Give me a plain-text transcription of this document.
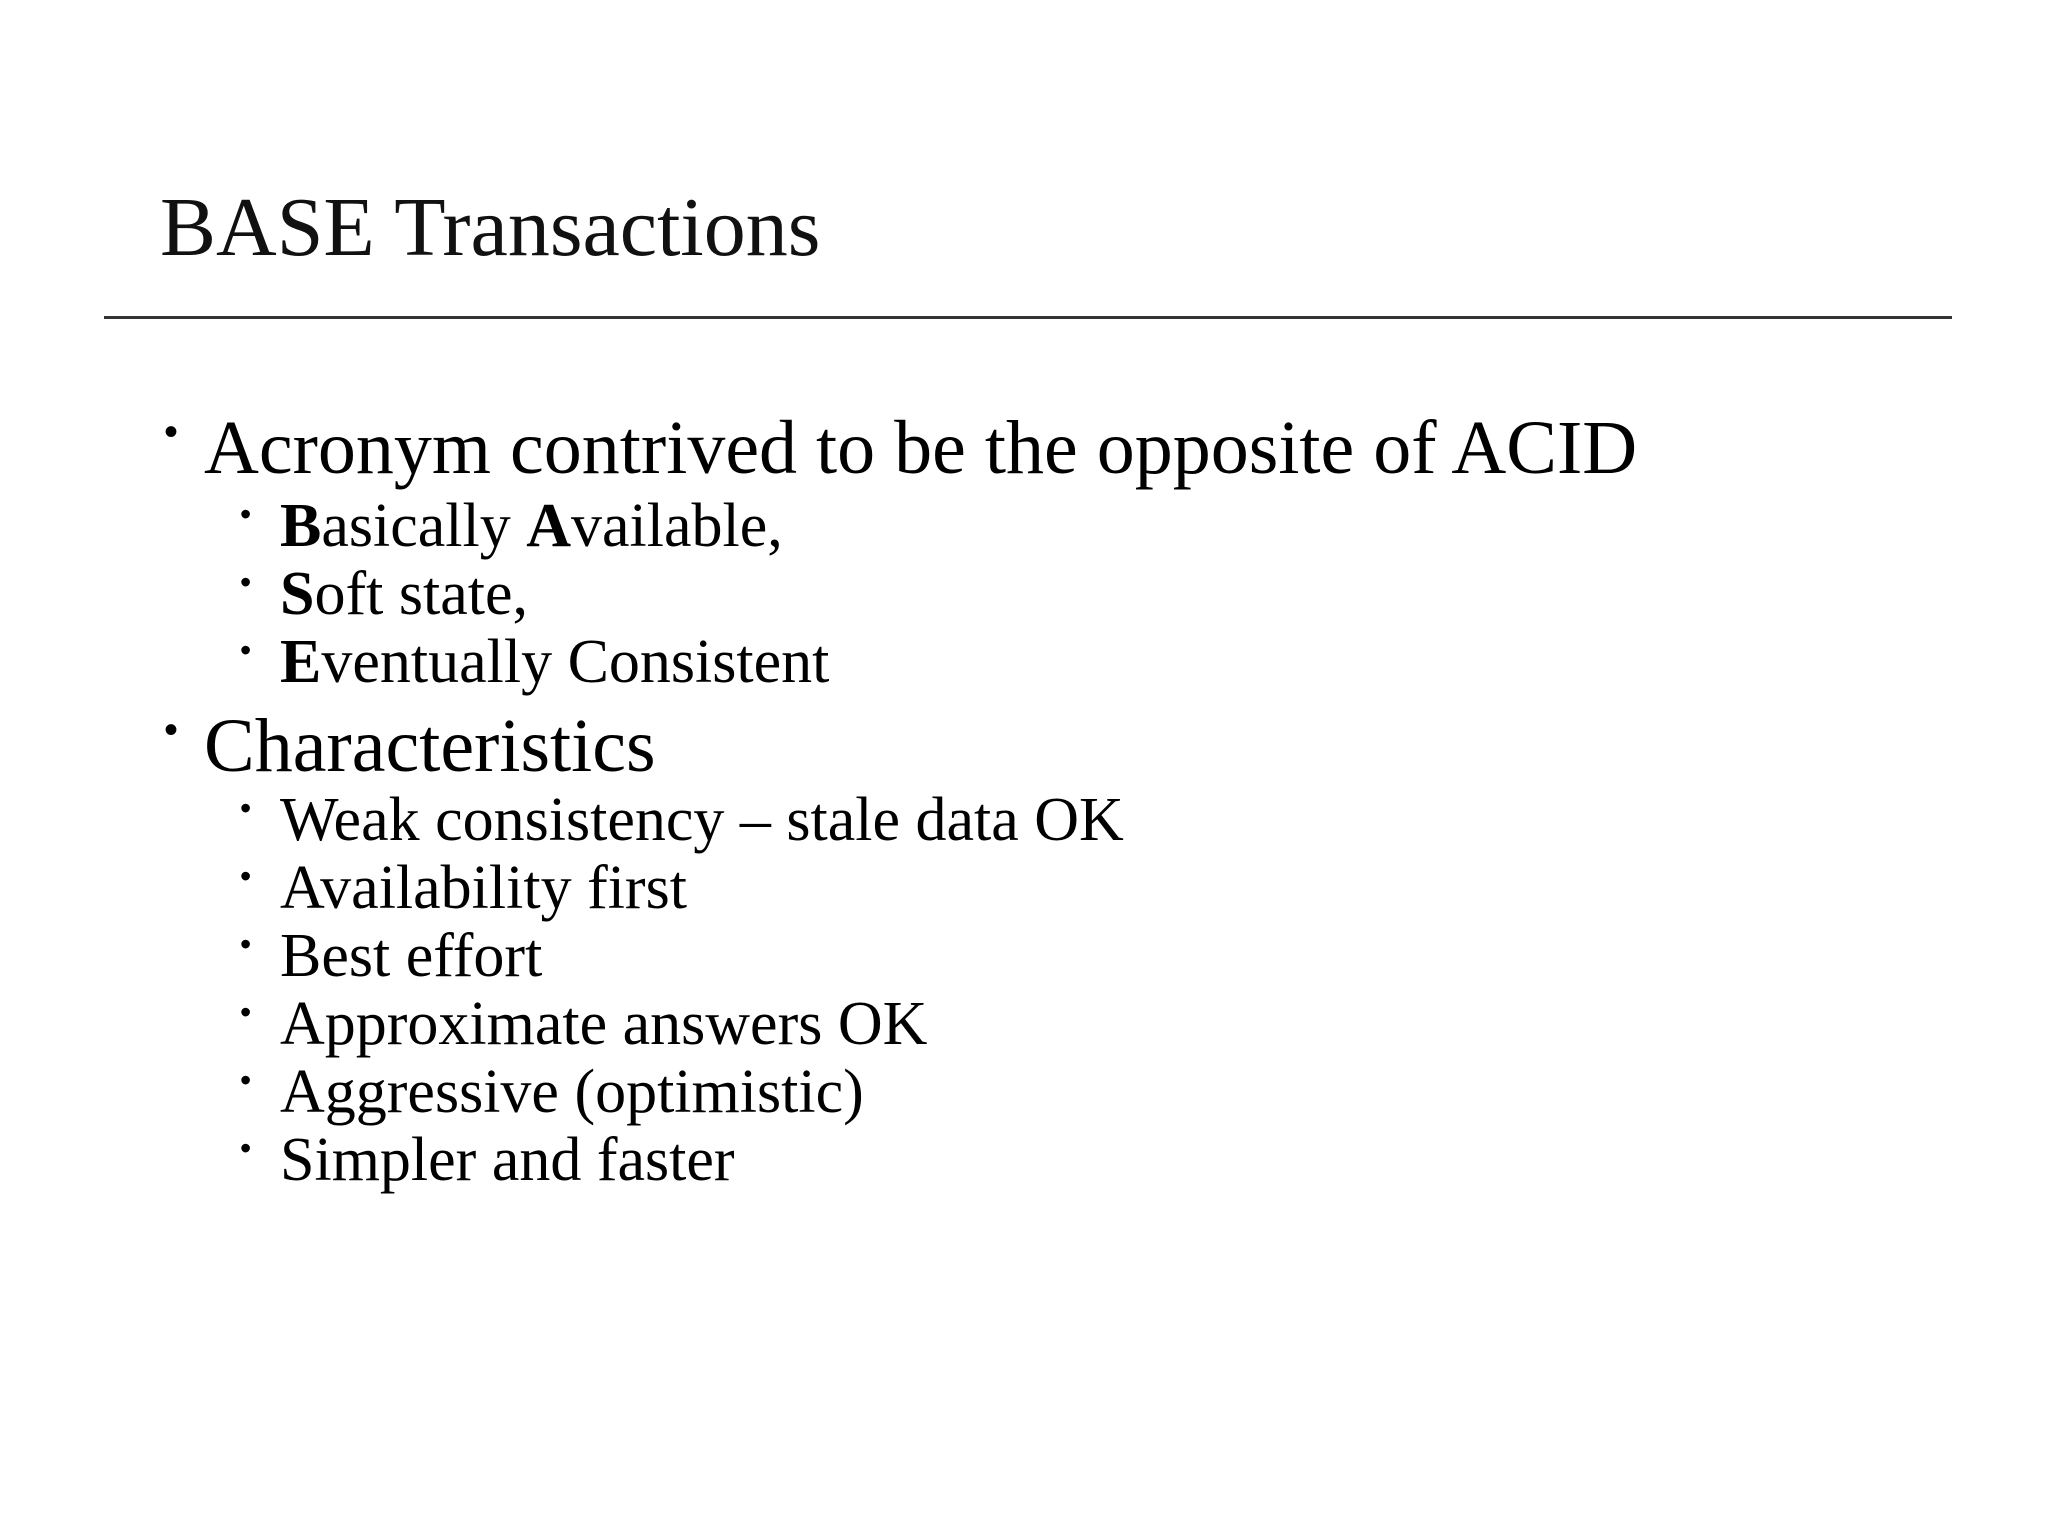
BASE Transactions
• Acronym contrived to be the opposite of ACID
• Basically Available,
• Soft state,
• Eventually Consistent
• Characteristics
• Weak consistency – stale data OK
• Availability first
• Best effort
• Approximate answers OK
• Aggressive (optimistic)
• Simpler and faster
